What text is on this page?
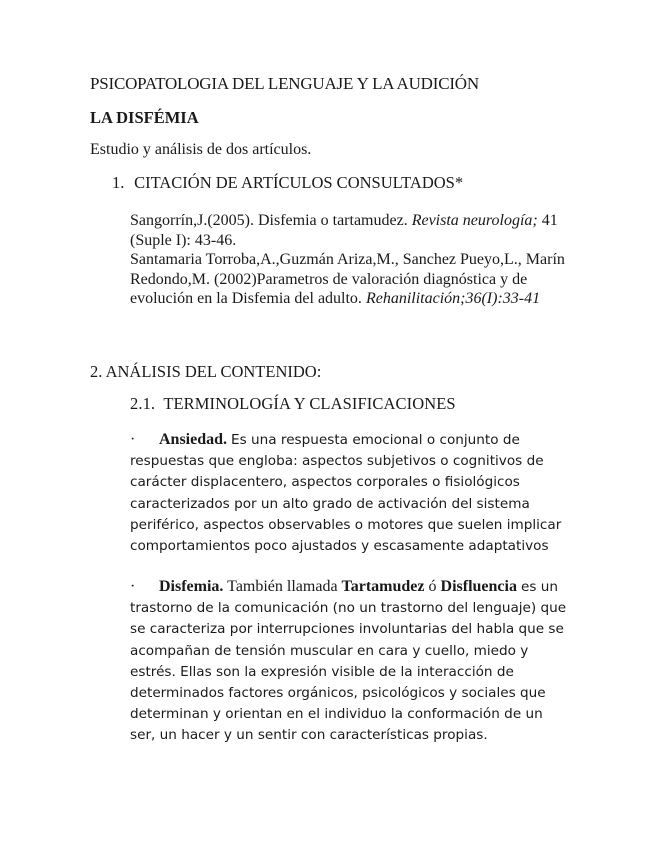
PSICOPATOLOGIA DEL LENGUAJE Y LA AUDICIÓN

LA DISFÉMIA

Estudio y análisis de dos artículos.

1. CITACIÓN DE ARTÍCULOS CONSULTADOS*

Sangorrín,J.(2005). Disfemia o tartamudez. Revista neurología; 41 (Suple I): 43-46.
Santamaria Torroba,A.,Guzmán Ariza,M., Sanchez Pueyo,L., Marín Redondo,M. (2002)Parametros de valoración diagnóstica y de evolución en la Disfemia del adulto. Rehanilitación;36(I):33-41

2. ANÁLISIS DEL CONTENIDO:

2.1. TERMINOLOGÍA Y CLASIFICACIONES

· Ansiedad. Es una respuesta emocional o conjunto de respuestas que engloba: aspectos subjetivos o cognitivos de carácter displacentero, aspectos corporales o fisiológicos caracterizados por un alto grado de activación del sistema periférico, aspectos observables o motores que suelen implicar comportamientos poco ajustados y escasamente adaptativos
· Disfemia. También llamada Tartamudez ó Disfluencia es un trastorno de la comunicación (no un trastorno del lenguaje) que se caracteriza por interrupciones involuntarias del habla que se acompañan de tensión muscular en cara y cuello, miedo y estrés. Ellas son la expresión visible de la interacción de determinados factores orgánicos, psicológicos y sociales que determinan y orientan en el individuo la conformación de un ser, un hacer y un sentir con características propias.
